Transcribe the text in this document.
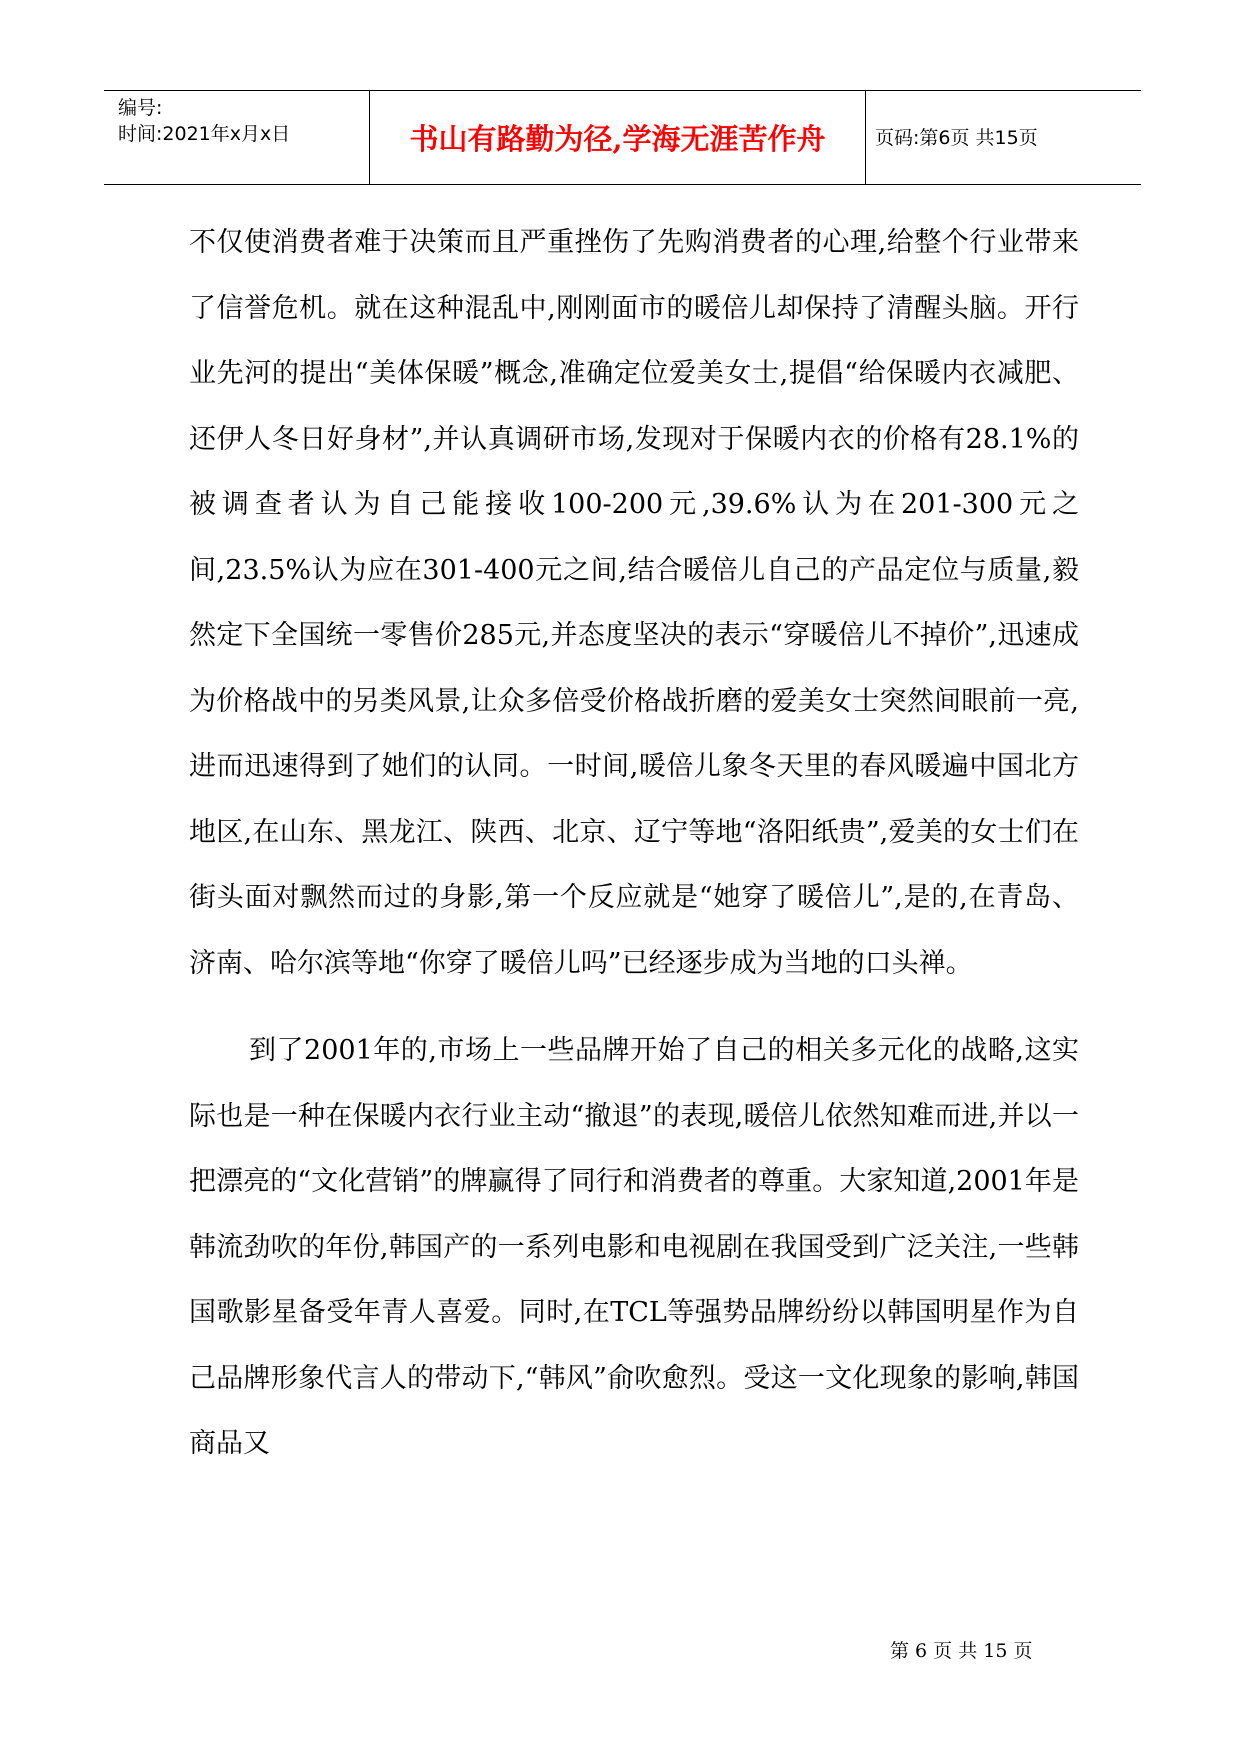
编号:
时间:2021年x月x日	书山有路勤为径,学海无涯苦作舟	页码:第6页 共15页

不仅使消费者难于决策而且严重挫伤了先购消费者的心理,给整个行业带来了信誉危机。就在这种混乱中,刚刚面市的暖倍儿却保持了清醒头脑。开行业先河的提出“美体保暖”概念,准确定位爱美女士,提倡“给保暖内衣减肥、还伊人冬日好身材”,并认真调研市场,发现对于保暖内衣的价格有28.1%的被调查者认为自己能接收100-200元,39.6%认为在201-300元之间,23.5%认为应在301-400元之间,结合暖倍儿自己的产品定位与质量,毅然定下全国统一零售价285元,并态度坚决的表示“穿暖倍儿不掉价”,迅速成为价格战中的另类风景,让众多倍受价格战折磨的爱美女士突然间眼前一亮,进而迅速得到了她们的认同。一时间,暖倍儿象冬天里的春风暖遍中国北方地区,在山东、黑龙江、陕西、北京、辽宁等地“洛阳纸贵”,爱美的女士们在街头面对飘然而过的身影,第一个反应就是“她穿了暖倍儿”,是的,在青岛、济南、哈尔滨等地“你穿了暖倍儿吗”已经逐步成为当地的口头禅。

到了2001年的,市场上一些品牌开始了自己的相关多元化的战略,这实际也是一种在保暖内衣行业主动“撤退”的表现,暖倍儿依然知难而进,并以一把漂亮的“文化营销”的牌赢得了同行和消费者的尊重。大家知道,2001年是韩流劲吹的年份,韩国产的一系列电影和电视剧在我国受到广泛关注,一些韩国歌影星备受年青人喜爱。同时,在TCL等强势品牌纷纷以韩国明星作为自己品牌形象代言人的带动下,“韩风”俞吹愈烈。受这一文化现象的影响,韩国商品又

第 6 页 共 15 页
